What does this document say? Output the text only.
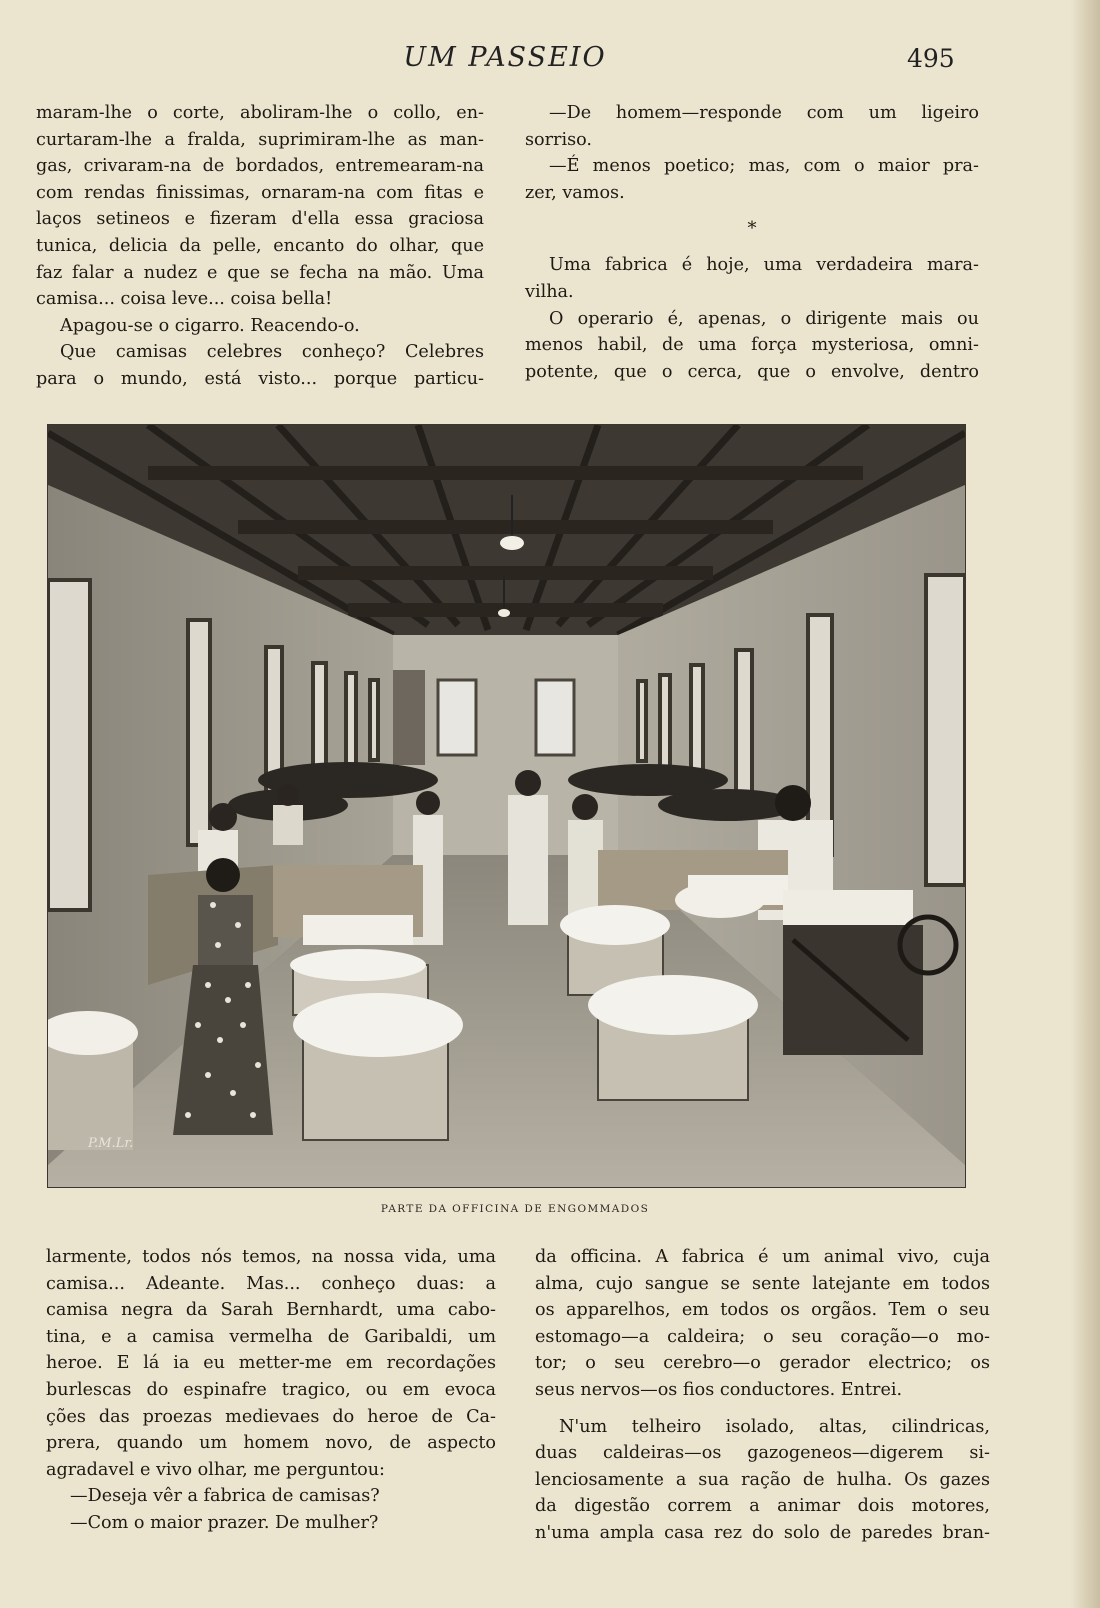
UM PASSEIO	495
maram-lhe o corte, aboliram-lhe o collo, en-
curtaram-lhe a fralda, suprimiram-lhe as man-
gas, crivaram-na de bordados, entremearam-na
com rendas finissimas, ornaram-na com fitas e
laços setineos e fizeram d'ella essa graciosa
tunica, delicia da pelle, encanto do olhar, que
faz falar a nudez e que se fecha na mão. Uma
camisa... coisa leve... coisa bella!
Apagou-se o cigarro. Reacendo-o.
Que camisas celebres conheço? Celebres
para o mundo, está visto... porque particu-
—De homem—responde com um ligeiro
sorriso.
—É menos poetico; mas, com o maior pra-
zer, vamos.
*
Uma fabrica é hoje, uma verdadeira mara-
vilha.
O operario é, apenas, o dirigente mais ou
menos habil, de uma força mysteriosa, omni-
potente, que o cerca, que o envolve, dentro
P.M.Lr.
PARTE DA OFFICINA DE ENGOMMADOS
larmente, todos nós temos, na nossa vida, uma
camisa... Adeante. Mas... conheço duas: a
camisa negra da Sarah Bernhardt, uma cabo-
tina, e a camisa vermelha de Garibaldi, um
heroe. E lá ia eu metter-me em recordações
burlescas do espinafre tragico, ou em evoca
ções das proezas medievaes do heroe de Ca-
prera, quando um homem novo, de aspecto
agradavel e vivo olhar, me perguntou:
—Deseja vêr a fabrica de camisas?
—Com o maior prazer. De mulher?
da officina. A fabrica é um animal vivo, cuja
alma, cujo sangue se sente latejante em todos
os apparelhos, em todos os orgãos. Tem o seu
estomago—a caldeira; o seu coração—o mo-
tor; o seu cerebro—o gerador electrico; os
seus nervos—os fios conductores. Entrei.
N'um telheiro isolado, altas, cilindricas,
duas caldeiras—os gazogeneos—digerem si-
lenciosamente a sua ração de hulha. Os gazes
da digestão correm a animar dois motores,
n'uma ampla casa rez do solo de paredes bran-
